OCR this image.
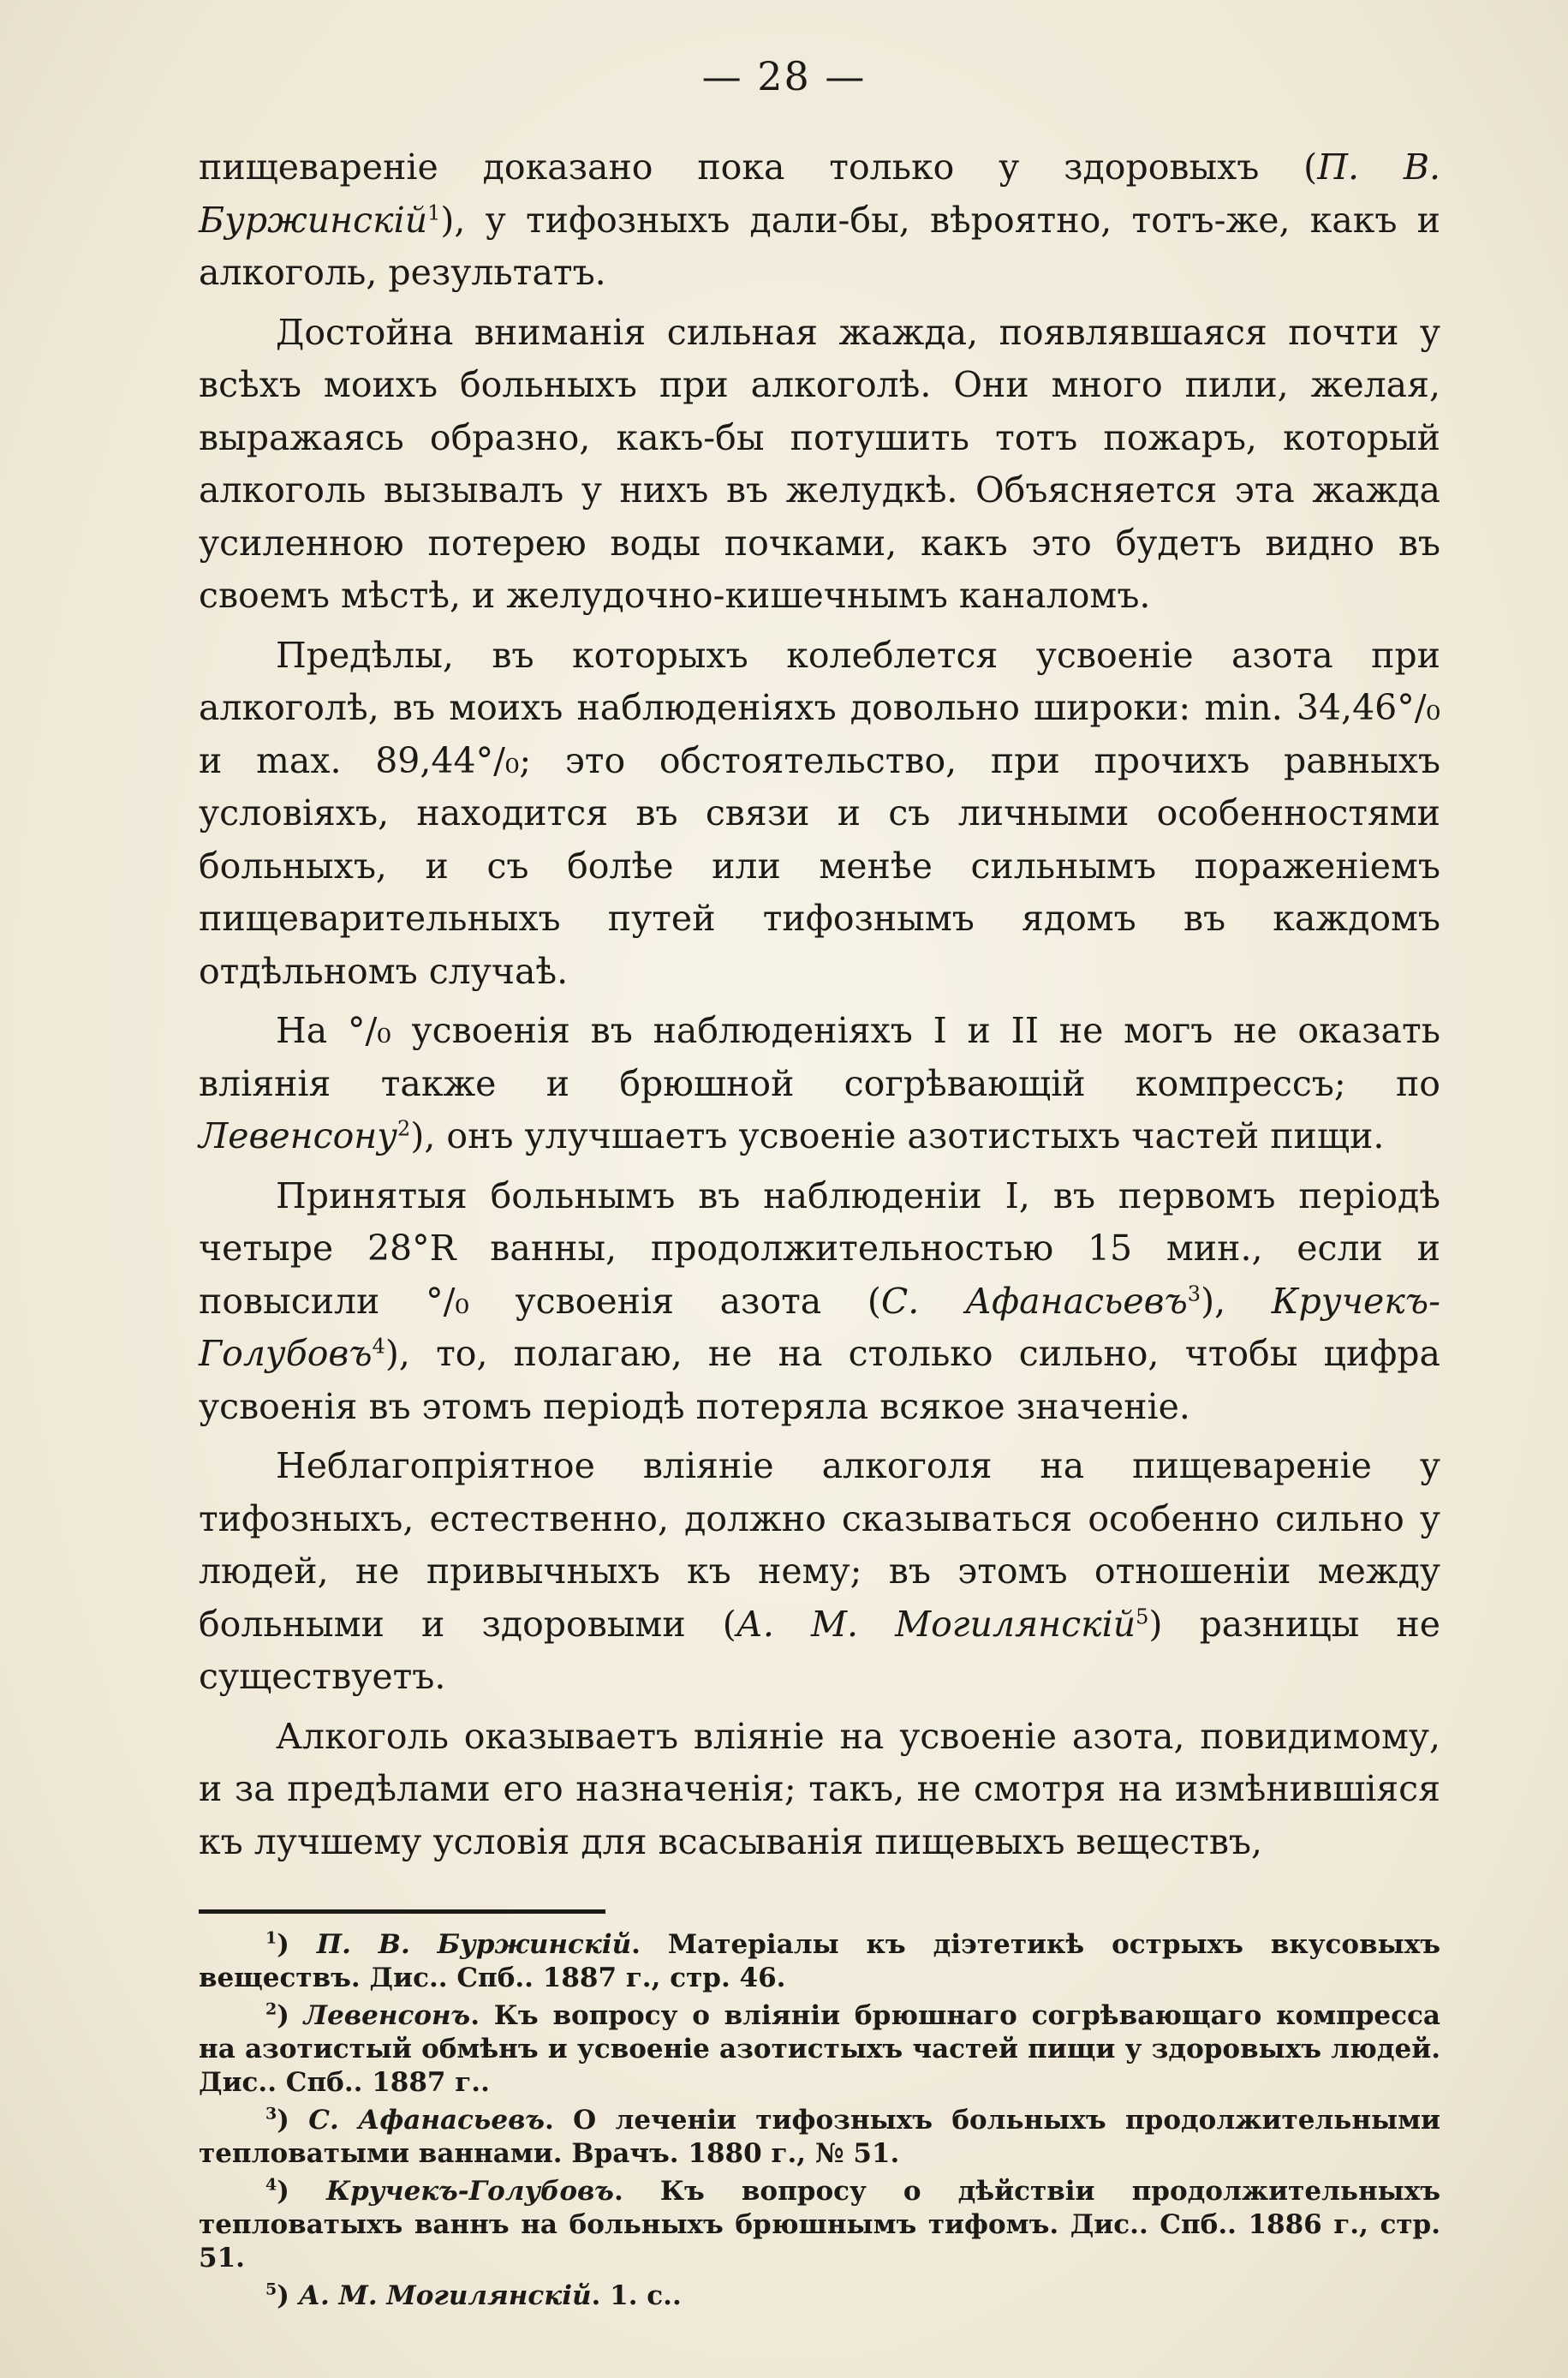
— 28 —
пищевареніе доказано пока только у здоровыхъ (П. В. Буржинскій$^1$), у тифозныхъ дали-бы, вѣроятно, тотъ-же, какъ и алкоголь, результатъ.
Достойна вниманія сильная жажда, появлявшаяся почти у всѣхъ моихъ больныхъ при алкоголѣ. Они много пили, желая, выражаясь образно, какъ-бы потушить тотъ пожаръ, который алкоголь вызывалъ у нихъ въ желудкѣ. Объясняется эта жажда усиленною потерею воды почками, какъ это будетъ видно въ своемъ мѣстѣ, и желудочно-кишечнымъ каналомъ.
Предѣлы, въ которыхъ колеблется усвоеніе азота при алкоголѣ, въ моихъ наблюденіяхъ довольно широки: min. 34,46°/₀ и max. 89,44°/₀; это обстоятельство, при прочихъ равныхъ условіяхъ, находится въ связи и съ личными особенностями больныхъ, и съ болѣе или менѣе сильнымъ пораженіемъ пищеварительныхъ путей тифознымъ ядомъ въ каждомъ отдѣльномъ случаѣ.
На °/₀ усвоенія въ наблюденіяхъ I и II не могъ не оказать вліянія также и брюшной согрѣвающій компрессъ; по Левенсону$^2$), онъ улучшаетъ усвоеніе азотистыхъ частей пищи.
Принятыя больнымъ въ наблюденіи I, въ первомъ періодѣ четыре 28°R ванны, продолжительностью 15 мин., если и повысили °/₀ усвоенія азота (С. Афанасьевъ$^3$), Кручекъ-Голубовъ$^4$), то, полагаю, не на столько сильно, чтобы цифра усвоенія въ этомъ періодѣ потеряла всякое значеніе.
Неблагопріятное вліяніе алкоголя на пищевареніе у тифозныхъ, естественно, должно сказываться особенно сильно у людей, не привычныхъ къ нему; въ этомъ отношеніи между больными и здоровыми (А. М. Могилянскій$^5$) разницы не существуетъ.
Алкоголь оказываетъ вліяніе на усвоеніе азота, повидимому, и за предѣлами его назначенія; такъ, не смотря на измѣнившіяся къ лучшему условія для всасыванія пищевыхъ веществъ,
$^1$) П. В. Буржинскій. Матеріалы къ діэтетикѣ острыхъ вкусовыхъ веществъ. Дис.. Спб.. 1887 г., стр. 46.
$^2$) Левенсонъ. Къ вопросу о вліяніи брюшнаго согрѣвающаго компресса на азотистый обмѣнъ и усвоеніе азотистыхъ частей пищи у здоровыхъ людей. Дис.. Спб.. 1887 г..
$^3$) С. Афанасьевъ. О леченіи тифозныхъ больныхъ продолжительными тепловатыми ваннами. Врачъ. 1880 г., № 51.
$^4$) Кручекъ-Голубовъ. Къ вопросу о дѣйствіи продолжительныхъ тепловатыхъ ваннъ на больныхъ брюшнымъ тифомъ. Дис.. Спб.. 1886 г., стр. 51.
$^5$) А. М. Могилянскій. 1. с..
